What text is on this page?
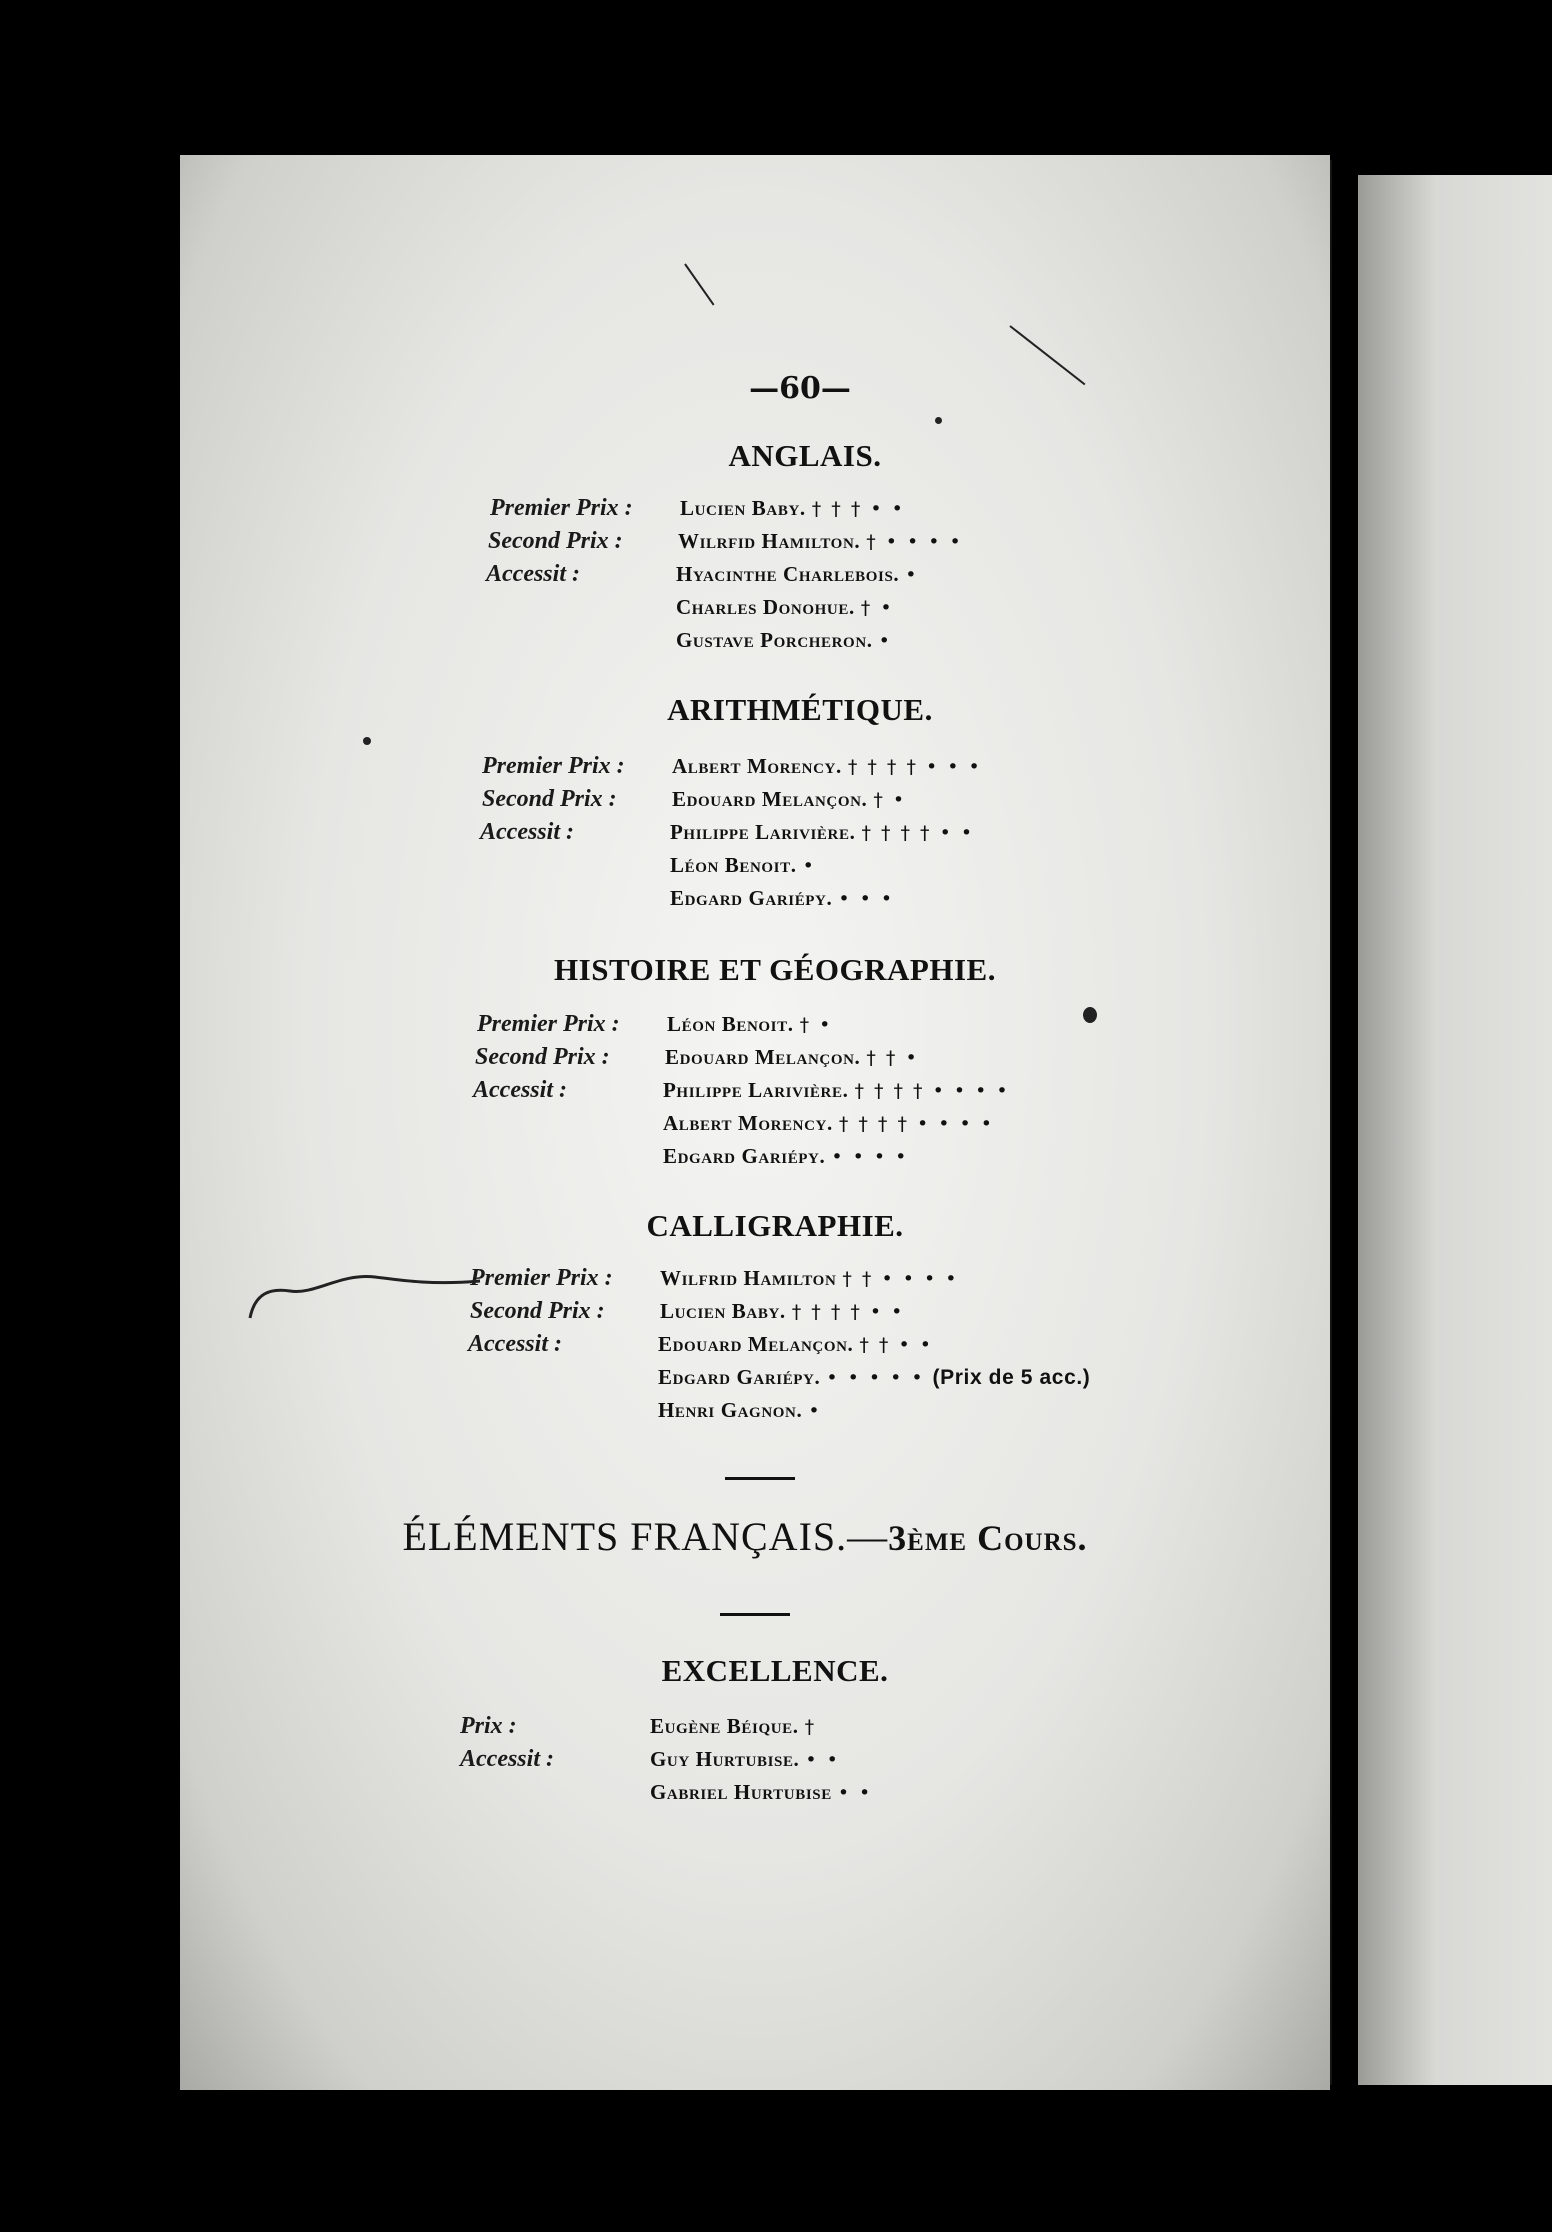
—60—
ANGLAIS.
Premier Prix :	Lucien Baby. † † † • •
Second Prix :	Wilrfid Hamilton. † • • • •
Accessit :	Hyacinthe Charlebois. •
Charles Donohue. † •
Gustave Porcheron. •
ARITHMÉTIQUE.
Premier Prix :	Albert Morency. † † † † • • •
Second Prix :	Edouard Melançon. † •
Accessit :	Philippe Larivière. † † † † • •
Léon Benoit. •
Edgard Gariépy. • • •
HISTOIRE ET GÉOGRAPHIE.
Premier Prix :	Léon Benoit. † •
Second Prix :	Edouard Melançon. † † •
Accessit :	Philippe Larivière. † † † † • • • •
Albert Morency. † † † † • • • •
Edgard Gariépy. • • • •
CALLIGRAPHIE.
Premier Prix :	Wilfrid Hamilton † † • • • •
Second Prix :	Lucien Baby. † † † † • •
Accessit :	Edouard Melançon. † † • •
Edgard Gariépy. • • • • • (Prix de 5 acc.)
Henri Gagnon. •
ÉLÉMENTS FRANÇAIS.—3ème Cours.
EXCELLENCE.
Prix :	Eugène Béique. †
Accessit :	Guy Hurtubise. • •
Gabriel Hurtubise • •
